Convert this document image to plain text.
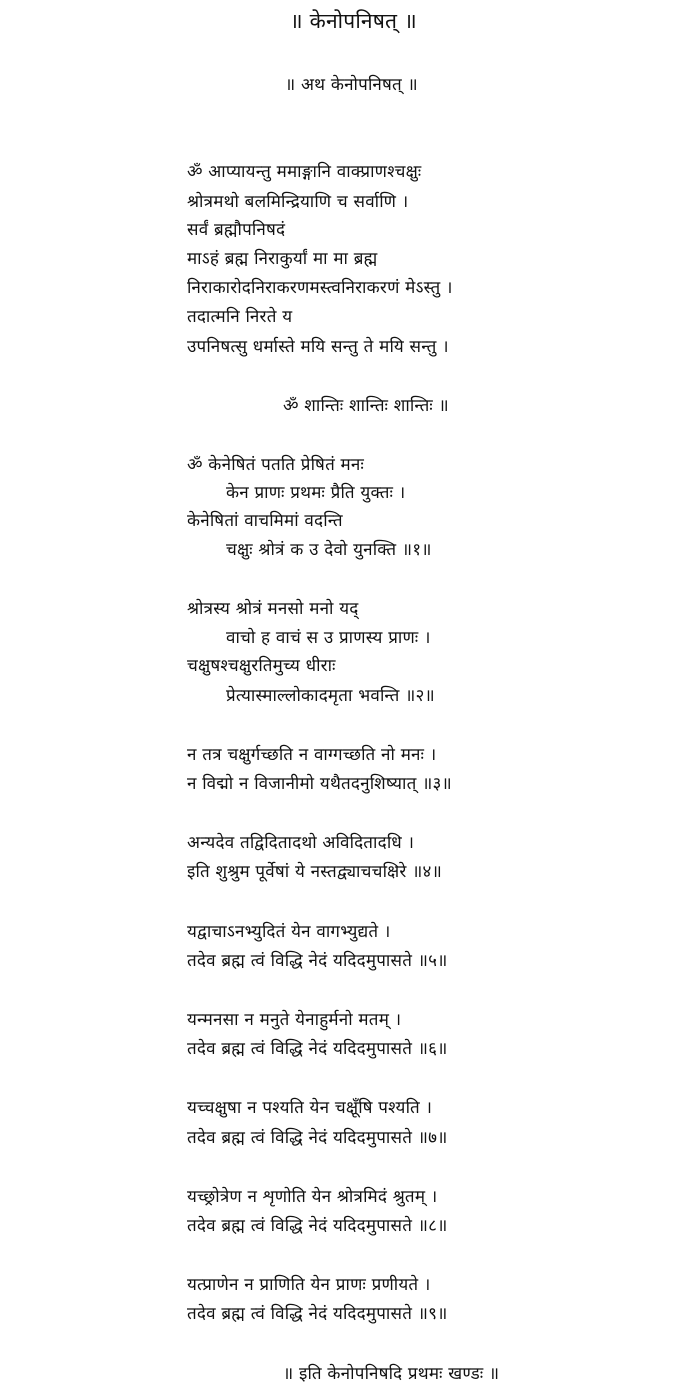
॥ केनोपनिषत् ॥
॥ अथ केनोपनिषत् ॥
ॐ आप्यायन्तु ममाङ्गानि वाक्प्राणश्चक्षुः
श्रोत्रमथो बलमिन्द्रियाणि च सर्वाणि ।
सर्वं ब्रह्मौपनिषदं
माऽहं ब्रह्म निराकुर्यां मा मा ब्रह्म
निराकारोदनिराकरणमस्त्वनिराकरणं मेऽस्तु ।
तदात्मनि निरते य
उपनिषत्सु धर्मास्ते मयि सन्तु ते मयि सन्तु ।
ॐ शान्तिः शान्तिः शान्तिः ॥
ॐ केनेषितं पतति प्रेषितं मनः
केन प्राणः प्रथमः प्रैति युक्तः ।
केनेषितां वाचमिमां वदन्ति
चक्षुः श्रोत्रं क उ देवो युनक्ति ॥१॥
श्रोत्रस्य श्रोत्रं मनसो मनो यद्
वाचो ह वाचं स उ प्राणस्य प्राणः ।
चक्षुषश्चक्षुरतिमुच्य धीराः
प्रेत्यास्माल्लोकादमृता भवन्ति ॥२॥
न तत्र चक्षुर्गच्छति न वाग्गच्छति नो मनः ।
न विद्मो न विजानीमो यथैतदनुशिष्यात् ॥३॥
अन्यदेव तद्विदितादथो अविदितादधि ।
इति शुश्रुम पूर्वेषां ये नस्तद्व्याचचक्षिरे ॥४॥
यद्वाचाऽनभ्युदितं येन वागभ्युद्यते ।
तदेव ब्रह्म त्वं विद्धि नेदं यदिदमुपासते ॥५॥
यन्मनसा न मनुते येनाहुर्मनो मतम् ।
तदेव ब्रह्म त्वं विद्धि नेदं यदिदमुपासते ॥६॥
यच्चक्षुषा न पश्यति येन चक्षूँषि पश्यति ।
तदेव ब्रह्म त्वं विद्धि नेदं यदिदमुपासते ॥७॥
यच्छ्रोत्रेण न शृणोति येन श्रोत्रमिदं श्रुतम् ।
तदेव ब्रह्म त्वं विद्धि नेदं यदिदमुपासते ॥८॥
यत्प्राणेन न प्राणिति येन प्राणः प्रणीयते ।
तदेव ब्रह्म त्वं विद्धि नेदं यदिदमुपासते ॥९॥
॥ इति केनोपनिषदि प्रथमः खण्डः ॥
